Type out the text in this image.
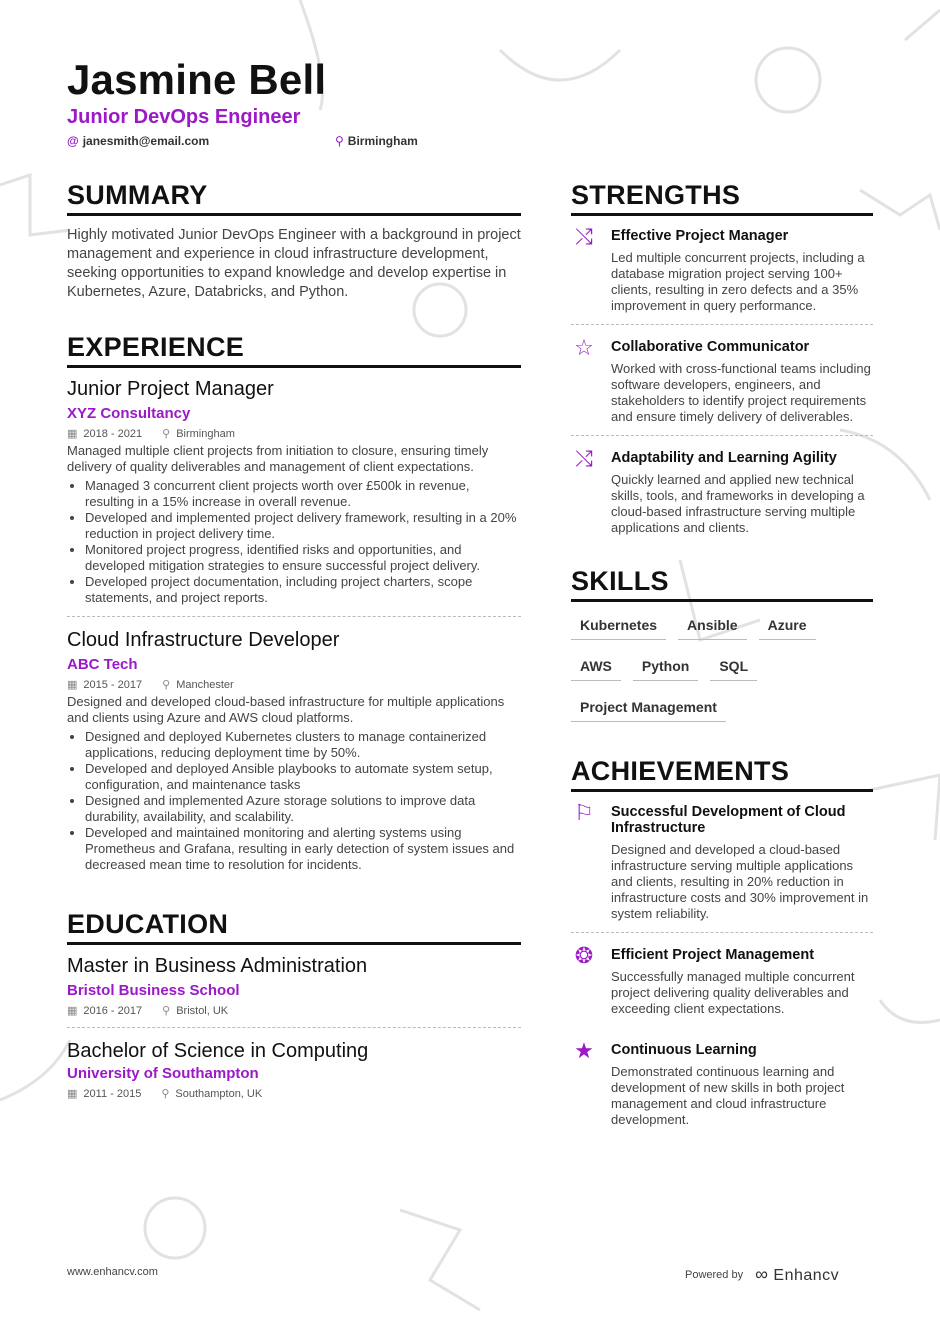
Jasmine Bell
Junior DevOps Engineer
@ janesmith@email.com	⚲ Birmingham
SUMMARY
Highly motivated Junior DevOps Engineer with a background in project management and experience in cloud infrastructure development, seeking opportunities to expand knowledge and develop expertise in Kubernetes, Azure, Databricks, and Python.
EXPERIENCE
Junior Project Manager
XYZ Consultancy
▦ 2018 - 2021 ⚲ Birmingham
Managed multiple client projects from initiation to closure, ensuring timely delivery of quality deliverables and management of client expectations.
• Managed 3 concurrent client projects worth over £500k in revenue, resulting in a 15% increase in overall revenue.
• Developed and implemented project delivery framework, resulting in a 20% reduction in project delivery time.
• Monitored project progress, identified risks and opportunities, and developed mitigation strategies to ensure successful project delivery.
• Developed project documentation, including project charters, scope statements, and project reports.
Cloud Infrastructure Developer
ABC Tech
▦ 2015 - 2017 ⚲ Manchester
Designed and developed cloud-based infrastructure for multiple applications and clients using Azure and AWS cloud platforms.
• Designed and deployed Kubernetes clusters to manage containerized applications, reducing deployment time by 50%.
• Developed and deployed Ansible playbooks to automate system setup, configuration, and maintenance tasks
• Designed and implemented Azure storage solutions to improve data durability, availability, and scalability.
• Developed and maintained monitoring and alerting systems using Prometheus and Grafana, resulting in early detection of system issues and decreased mean time to resolution for incidents.
EDUCATION
Master in Business Administration
Bristol Business School
▦ 2016 - 2017 ⚲ Bristol, UK
Bachelor of Science in Computing
University of Southampton
▦ 2011 - 2015 ⚲ Southampton, UK
STRENGTHS
⤭ Effective Project Manager
Led multiple concurrent projects, including a database migration project serving 100+ clients, resulting in zero defects and a 35% improvement in query performance.
☆ Collaborative Communicator
Worked with cross-functional teams including software developers, engineers, and stakeholders to identify project requirements and ensure timely delivery of deliverables.
⤭ Adaptability and Learning Agility
Quickly learned and applied new technical skills, tools, and frameworks in developing a cloud-based infrastructure serving multiple applications and clients.
SKILLS
Kubernetes	Ansible	Azure
AWS	Python	SQL
Project Management
ACHIEVEMENTS
⚐ Successful Development of Cloud Infrastructure
Designed and developed a cloud-based infrastructure serving multiple applications and clients, resulting in 20% reduction in infrastructure costs and 30% improvement in system reliability.
❂ Efficient Project Management
Successfully managed multiple concurrent project delivering quality deliverables and exceeding client expectations.
★ Continuous Learning
Demonstrated continuous learning and development of new skills in both project management and cloud infrastructure development.
www.enhancv.com	Powered by ∞ Enhancv
